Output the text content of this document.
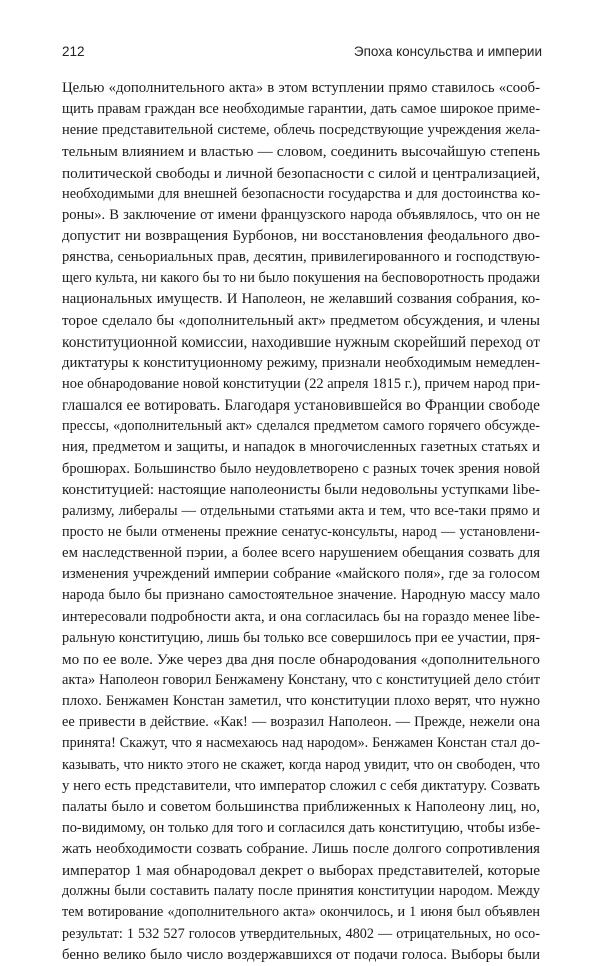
212	Эпоха консульства и империи
Целью «дополнительного акта» в этом вступлении прямо ставилось «сооб-
щить правам граждан все необходимые гарантии, дать самое широкое приме-
нение представительной системе, облечь посредствующие учреждения жела-
тельным влиянием и властью — словом, соединить высочайшую степень
политической свободы и личной безопасности с силой и централизацией,
необходимыми для внешней безопасности государства и для достоинства ко-
роны». В заключение от имени французского народа объявлялось, что он не
допустит ни возвращения Бурбонов, ни восстановления феодального дво-
рянства, сеньориальных прав, десятин, привилегированного и господствую-
щего культа, ни какого бы то ни было покушения на бесповоротность продажи
национальных имуществ. И Наполеон, не желавший созвания собрания, ко-
торое сделало бы «дополнительный акт» предметом обсуждения, и члены
конституционной комиссии, находившие нужным скорейший переход от
диктатуры к конституционному режиму, признали необходимым немедлен-
ное обнародование новой конституции (22 апреля 1815 г.), причем народ при-
глашался ее вотировать. Благодаря установившейся во Франции свободе
прессы, «дополнительный акт» сделался предметом самого горячего обсужде-
ния, предметом и защиты, и нападок в многочисленных газетных статьях и
брошюрах. Большинство было неудовлетворено с разных точек зрения новой
конституцией: настоящие наполеонисты были недовольны уступками libe-
рализму, либералы — отдельными статьями акта и тем, что все-таки прямо и
просто не были отменены прежние сенатус-консульты, народ — установлени-
ем наследственной пэрии, а более всего нарушением обещания созвать для
изменения учреждений империи собрание «майского поля», где за голосом
народа было бы признано самостоятельное значение. Народную массу мало
интересовали подробности акта, и она согласилась бы на гораздо менее libe-
ральную конституцию, лишь бы только все совершилось при ее участии, пря-
мо по ее воле. Уже через два дня после обнародования «дополнительного
акта» Наполеон говорил Бенжамену Констану, что с конституцией дело стóит
плохо. Бенжамен Констан заметил, что конституции плохо верят, что нужно
ее привести в действие. «Как! — возразил Наполеон. — Прежде, нежели она
принята! Скажут, что я насмехаюсь над народом». Бенжамен Констан стал до-
казывать, что никто этого не скажет, когда народ увидит, что он свободен, что
у него есть представители, что император сложил с себя диктатуру. Созвать
палаты было и советом большинства приближенных к Наполеону лиц, но,
по-видимому, он только для того и согласился дать конституцию, чтобы избе-
жать необходимости созвать собрание. Лишь после долгого сопротивления
император 1 мая обнародовал декрет о выборах представителей, которые
должны были составить палату после принятия конституции народом. Между
тем вотирование «дополнительного акта» окончилось, и 1 июня был объявлен
результат: 1 532 527 голосов утвердительных, 4802 — отрицательных, но осо-
бенно велико было число воздержавшихся от подачи голоса. Выборы были
